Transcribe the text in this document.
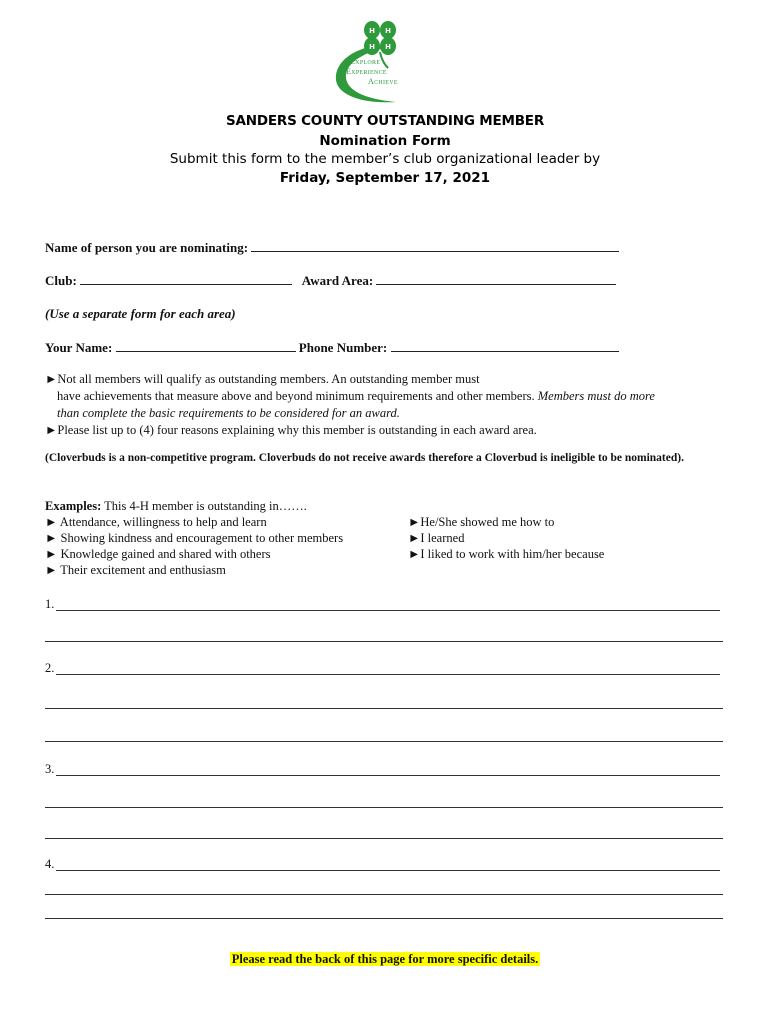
H H
H H
Explore
Experience
Achieve
SANDERS COUNTY OUTSTANDING MEMBER
Nomination Form
Submit this form to the member’s club organizational leader by
Friday, September 17, 2021
Name of person you are nominating:
Club:	Award Area:
(Use a separate form for each area)
Your Name:	Phone Number:
►Not all members will qualify as outstanding members. An outstanding member must
have achievements that measure above and beyond minimum requirements and other members. Members must do more
than complete the basic requirements to be considered for an award.
►Please list up to (4) four reasons explaining why this member is outstanding in each award area.
(Cloverbuds is a non-competitive program. Cloverbuds do not receive awards therefore a Cloverbud is ineligible to be nominated).
Examples: This 4-H member is outstanding in…….
► Attendance, willingness to help and learn
► Showing kindness and encouragement to other members
► Knowledge gained and shared with others
► Their excitement and enthusiasm
►He/She showed me how to
►I learned
►I liked to work with him/her because
1.
2.
3.
4.
Please read the back of this page for more specific details.
